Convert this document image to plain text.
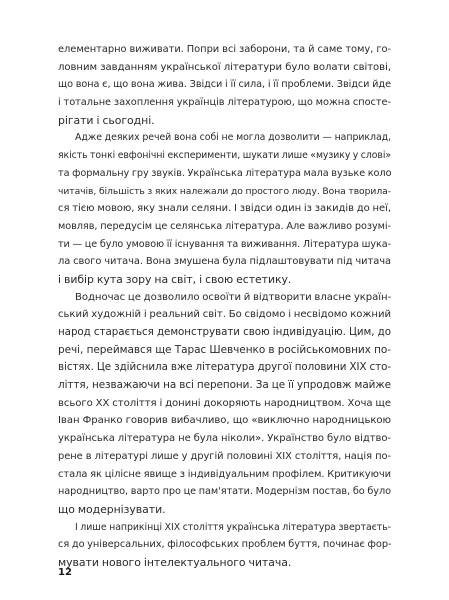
елементарно виживати. Попри всі заборони, та й саме тому, го-
ловним завданням української літератури було волати світові,
що вона є, що вона жива. Звідси і її сила, і її проблеми. Звідси йде
і тотальне захоплення українців літературою, що можна спосте-
рігати і сьогодні.

Адже деяких речей вона собі не могла дозволити — наприклад,
якість тонкі евфонічні експерименти, шукати лише «музику у слові»
та формальну гру звуків. Українська література мала вузьке коло
читачів, більшість з яких належали до простого люду. Вона творила-
ся тією мовою, яку знали селяни. І звідси один із закидів до неї,
мовляв, передусім це селянська література. Але важливо розумі-
ти — це було умовою її існування та виживання. Література шука-
ла свого читача. Вона змушена була підлаштовувати під читача
і вибір кута зору на світ, і свою естетику.

Водночас це дозволило освоїти й відтворити власне україн-
ський художній і реальний світ. Бо свідомо і несвідомо кожний
народ старається демонструвати свою індивідуацію. Цим, до
речі, переймався ще Тарас Шевченко в російськомовних по-
вістях. Це здійснила вже література другої половини XIX сто-
ліття, незважаючи на всі перепони. За це її упродовж майже
всього XX століття і донині докоряють народництвом. Хоча ще
Іван Франко говорив вибачливо, що «виключно народницькою
українська література не була ніколи». Українство було відтво-
рене в літературі лише у другій половині XIX століття, нація по-
стала як цілісне явище з індивідуальним профілем. Критикуючи
народництво, варто про це пам'ятати. Модернізм постав, бо було
що модернізувати.

І лише наприкінці XIX століття українська література звертаєть-
ся до універсальних, філософських проблем буття, починає фор-
мувати нового інтелектуального читача.

12
